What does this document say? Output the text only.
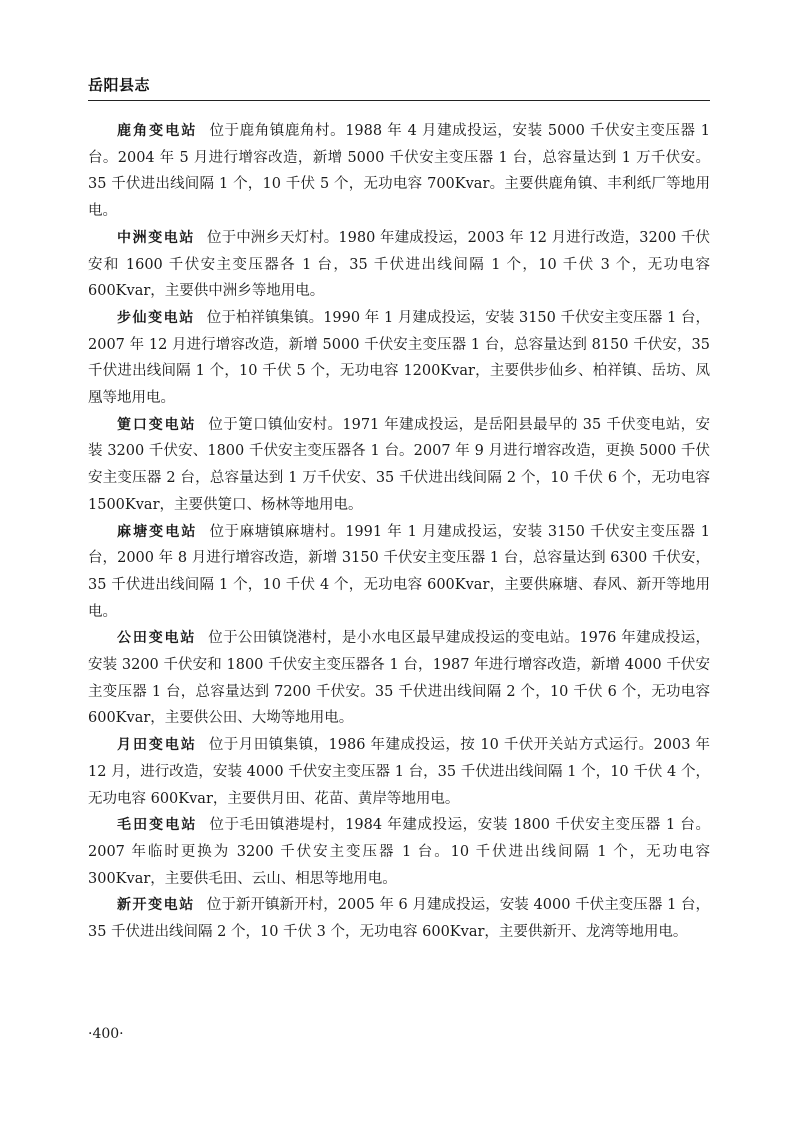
岳阳县志

鹿角变电站 位于鹿角镇鹿角村。1988 年 4 月建成投运，安装 5000 千伏安主变压器 1 台。2004 年 5 月进行增容改造，新增 5000 千伏安主变压器 1 台，总容量达到 1 万千伏安。35 千伏进出线间隔 1 个，10 千伏 5 个，无功电容 700Kvar。主要供鹿角镇、丰利纸厂等地用电。

中洲变电站 位于中洲乡天灯村。1980 年建成投运，2003 年 12 月进行改造，3200 千伏安和 1600 千伏安主变压器各 1 台，35 千伏进出线间隔 1 个，10 千伏 3 个，无功电容 600Kvar，主要供中洲乡等地用电。

步仙变电站 位于柏祥镇集镇。1990 年 1 月建成投运，安装 3150 千伏安主变压器 1 台，2007 年 12 月进行增容改造，新增 5000 千伏安主变压器 1 台，总容量达到 8150 千伏安，35 千伏进出线间隔 1 个，10 千伏 5 个，无功电容 1200Kvar，主要供步仙乡、柏祥镇、岳坊、凤凰等地用电。

筻口变电站 位于筻口镇仙安村。1971 年建成投运，是岳阳县最早的 35 千伏变电站，安装 3200 千伏安、1800 千伏安主变压器各 1 台。2007 年 9 月进行增容改造，更换 5000 千伏安主变压器 2 台，总容量达到 1 万千伏安、35 千伏进出线间隔 2 个，10 千伏 6 个，无功电容 1500Kvar，主要供筻口、杨林等地用电。

麻塘变电站 位于麻塘镇麻塘村。1991 年 1 月建成投运，安装 3150 千伏安主变压器 1 台，2000 年 8 月进行增容改造，新增 3150 千伏安主变压器 1 台，总容量达到 6300 千伏安，35 千伏进出线间隔 1 个，10 千伏 4 个，无功电容 600Kvar，主要供麻塘、春风、新开等地用电。

公田变电站 位于公田镇饶港村，是小水电区最早建成投运的变电站。1976 年建成投运，安装 3200 千伏安和 1800 千伏安主变压器各 1 台，1987 年进行增容改造，新增 4000 千伏安主变压器 1 台，总容量达到 7200 千伏安。35 千伏进出线间隔 2 个，10 千伏 6 个，无功电容 600Kvar，主要供公田、大坳等地用电。

月田变电站 位于月田镇集镇，1986 年建成投运，按 10 千伏开关站方式运行。2003 年 12 月，进行改造，安装 4000 千伏安主变压器 1 台，35 千伏进出线间隔 1 个，10 千伏 4 个，无功电容 600Kvar，主要供月田、花苗、黄岸等地用电。

毛田变电站 位于毛田镇港堤村，1984 年建成投运，安装 1800 千伏安主变压器 1 台。2007 年临时更换为 3200 千伏安主变压器 1 台。10 千伏进出线间隔 1 个，无功电容 300Kvar，主要供毛田、云山、相思等地用电。

新开变电站 位于新开镇新开村，2005 年 6 月建成投运，安装 4000 千伏主变压器 1 台，35 千伏进出线间隔 2 个，10 千伏 3 个，无功电容 600Kvar，主要供新开、龙湾等地用电。

·400·
